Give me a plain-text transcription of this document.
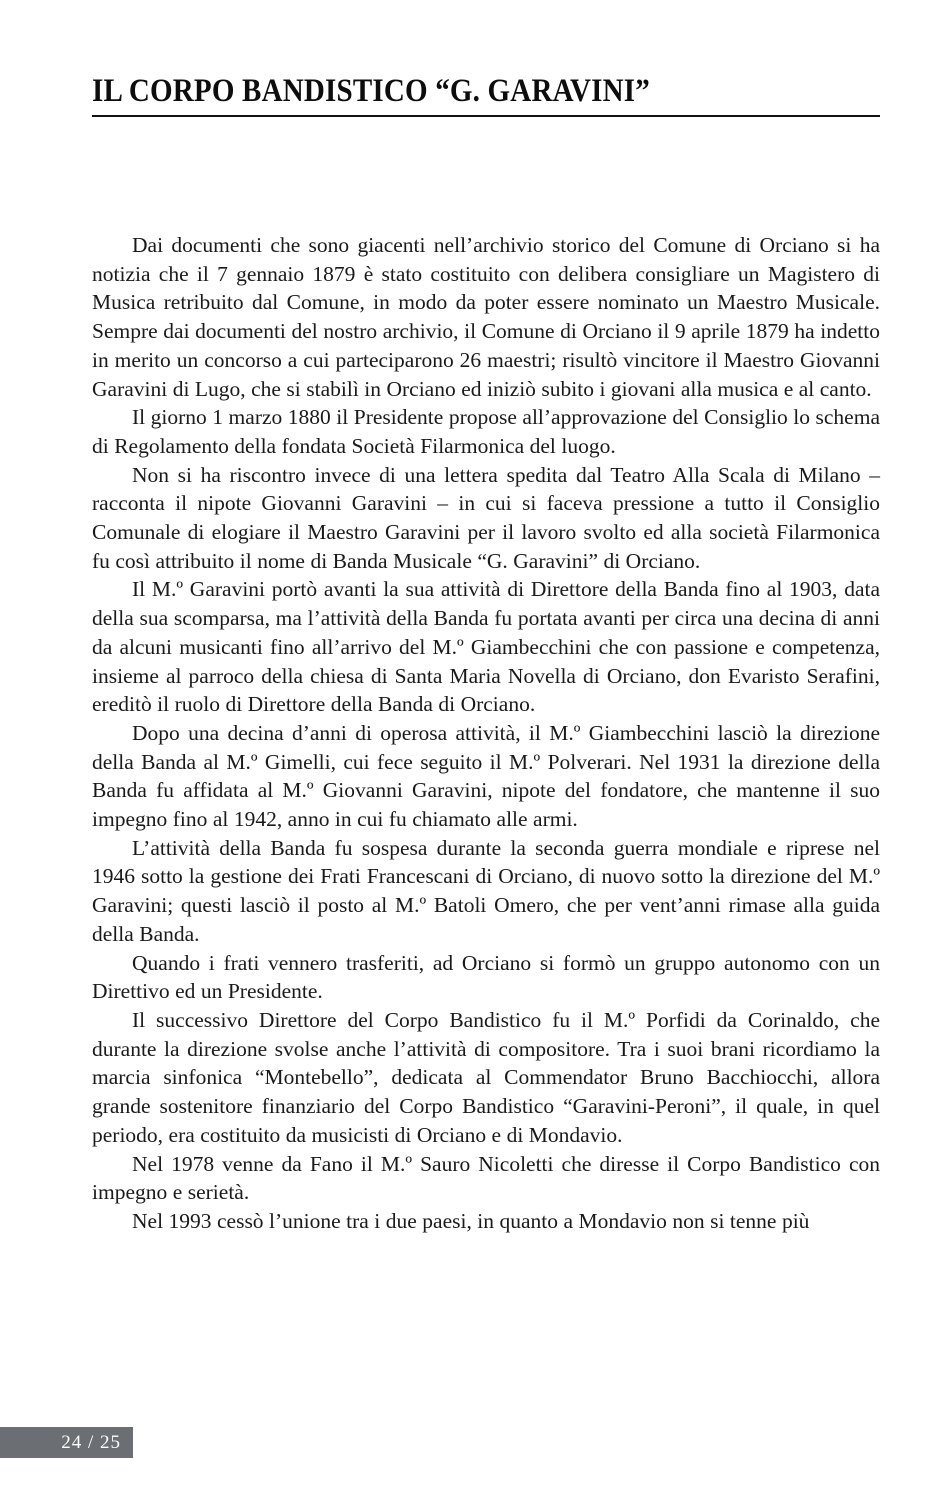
IL CORPO BANDISTICO “G. GARAVINI”

Dai documenti che sono giacenti nell’archivio storico del Comune di Orciano si ha notizia che il 7 gennaio 1879 è stato costituito con delibera consigliare un Magistero di Musica retribuito dal Comune, in modo da poter essere nominato un Maestro Musicale. Sempre dai documenti del nostro archivio, il Comune di Orciano il 9 aprile 1879 ha indetto in merito un concorso a cui parteciparono 26 maestri; risultò vincitore il Maestro Giovanni Garavini di Lugo, che si stabilì in Orciano ed iniziò subito i giovani alla musica e al canto.

Il giorno 1 marzo 1880 il Presidente propose all’approvazione del Consiglio lo schema di Regolamento della fondata Società Filarmonica del luogo.

Non si ha riscontro invece di una lettera spedita dal Teatro Alla Scala di Milano – racconta il nipote Giovanni Garavini – in cui si faceva pressione a tutto il Consiglio Comunale di elogiare il Maestro Garavini per il lavoro svolto ed alla società Filarmonica fu così attribuito il nome di Banda Musicale “G. Garavini” di Orciano.

Il M.º Garavini portò avanti la sua attività di Direttore della Banda fino al 1903, data della sua scomparsa, ma l’attività della Banda fu portata avanti per circa una decina di anni da alcuni musicanti fino all’arrivo del M.º Giambecchini che con passione e competenza, insieme al parroco della chiesa di Santa Maria Novella di Orciano, don Evaristo Serafini, ereditò il ruolo di Direttore della Banda di Orciano.

Dopo una decina d’anni di operosa attività, il M.º Giambecchini lasciò la direzione della Banda al M.º Gimelli, cui fece seguito il M.º Polverari. Nel 1931 la direzione della Banda fu affidata al M.º Giovanni Garavini, nipote del fondatore, che mantenne il suo impegno fino al 1942, anno in cui fu chiamato alle armi.

L’attività della Banda fu sospesa durante la seconda guerra mondiale e riprese nel 1946 sotto la gestione dei Frati Francescani di Orciano, di nuovo sotto la direzione del M.º Garavini; questi lasciò il posto al M.º Batoli Omero, che per vent’anni rimase alla guida della Banda.

Quando i frati vennero trasferiti, ad Orciano si formò un gruppo autonomo con un Direttivo ed un Presidente.

Il successivo Direttore del Corpo Bandistico fu il M.º Porfidi da Corinaldo, che durante la direzione svolse anche l’attività di compositore. Tra i suoi brani ricordiamo la marcia sinfonica “Montebello”, dedicata al Commendator Bruno Bacchiocchi, allora grande sostenitore finanziario del Corpo Bandistico “Garavini-Peroni”, il quale, in quel periodo, era costituito da musicisti di Orciano e di Mondavio.

Nel 1978 venne da Fano il M.º Sauro Nicoletti che diresse il Corpo Bandistico con impegno e serietà.

Nel 1993 cessò l’unione tra i due paesi, in quanto a Mondavio non si tenne più

24 / 25
